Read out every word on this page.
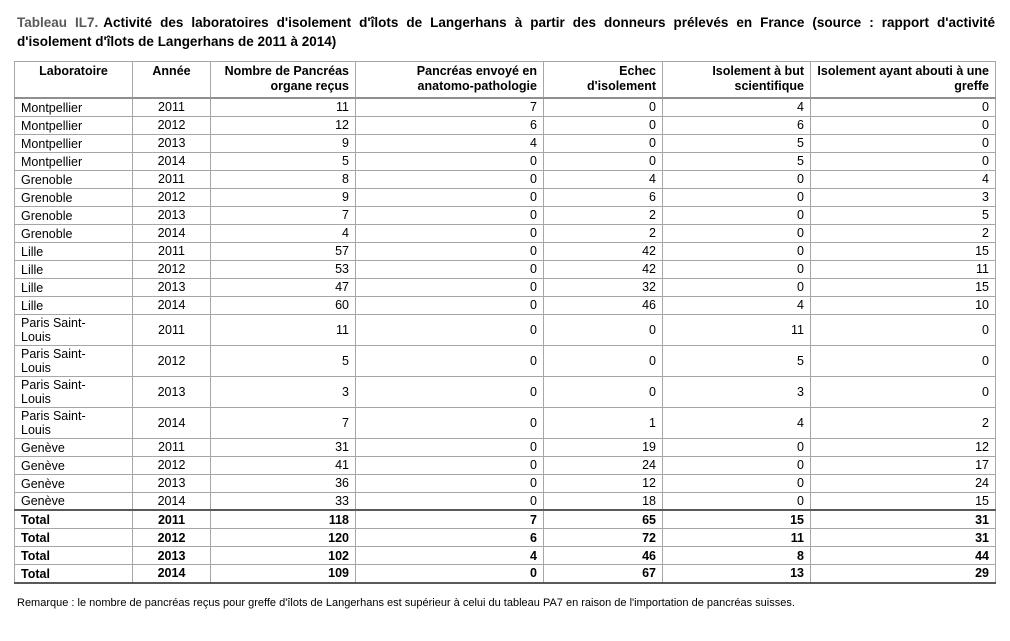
Tableau IL7. Activité des laboratoires d'isolement d'îlots de Langerhans à partir des donneurs prélevés en France (source : rapport d'activité d'isolement d'îlots de Langerhans de 2011 à 2014)

Laboratoire	Année	Nombre de Pancréas organe reçus	Pancréas envoyé en anatomo-pathologie	Echec d'isolement	Isolement à but scientifique	Isolement ayant abouti à une greffe
Montpellier	2011	11	7	0	4	0
Montpellier	2012	12	6	0	6	0
Montpellier	2013	9	4	0	5	0
Montpellier	2014	5	0	0	5	0
Grenoble	2011	8	0	4	0	4
Grenoble	2012	9	0	6	0	3
Grenoble	2013	7	0	2	0	5
Grenoble	2014	4	0	2	0	2
Lille	2011	57	0	42	0	15
Lille	2012	53	0	42	0	11
Lille	2013	47	0	32	0	15
Lille	2014	60	0	46	4	10
Paris Saint-Louis	2011	11	0	0	11	0
Paris Saint-Louis	2012	5	0	0	5	0
Paris Saint-Louis	2013	3	0	0	3	0
Paris Saint-Louis	2014	7	0	1	4	2
Genève	2011	31	0	19	0	12
Genève	2012	41	0	24	0	17
Genève	2013	36	0	12	0	24
Genève	2014	33	0	18	0	15
Total	2011	118	7	65	15	31
Total	2012	120	6	72	11	31
Total	2013	102	4	46	8	44
Total	2014	109	0	67	13	29

Remarque : le nombre de pancréas reçus pour greffe d'îlots de Langerhans est supérieur à celui du tableau PA7 en raison de l'importation de pancréas suisses.
